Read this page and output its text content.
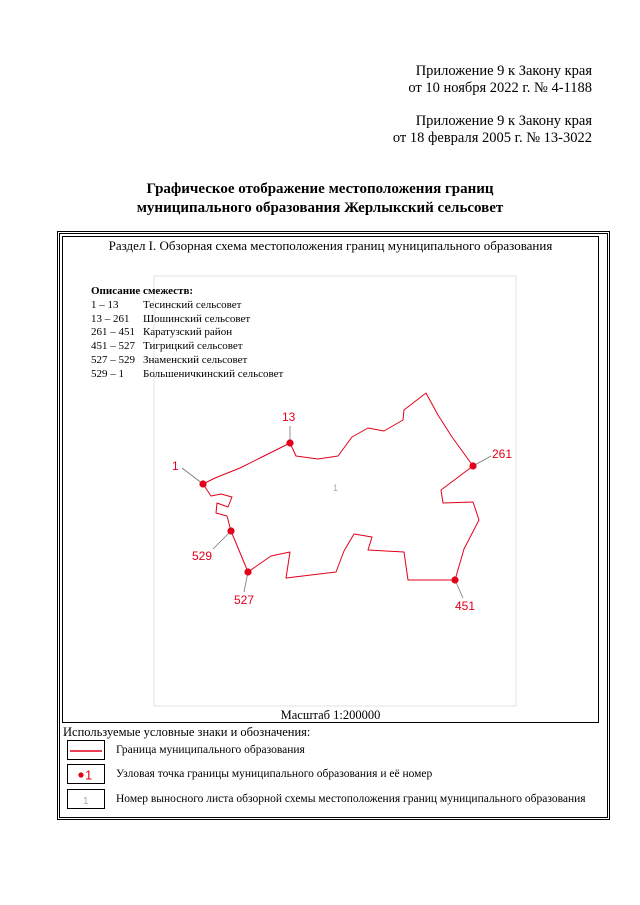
Приложение 9 к Закону края
от 10 ноября 2022 г. № 4-1188
Приложение 9 к Закону края
от 18 февраля 2005 г. № 13-3022
Графическое отображение местоположения границ
муниципального образования Жерлыкский сельсовет
Раздел I. Обзорная схема местоположения границ муниципального образования
1
13
261
451
527
529
1
Описание смежеств:
1 – 13	Тесинский сельсовет
13 – 261	Шошинский сельсовет
261 – 451 Каратузский район
451 – 527 Тигрицкий сельсовет
527 – 529 Знаменский сельсовет
529 – 1	Большеничкинский сельсовет
Масштаб 1:200000
Используемые условные знаки и обозначения:
Граница муниципального образования
1 Узловая точка границы муниципального образования и её номер
1 Номер выносного листа обзорной схемы местоположения границ муниципального образования
